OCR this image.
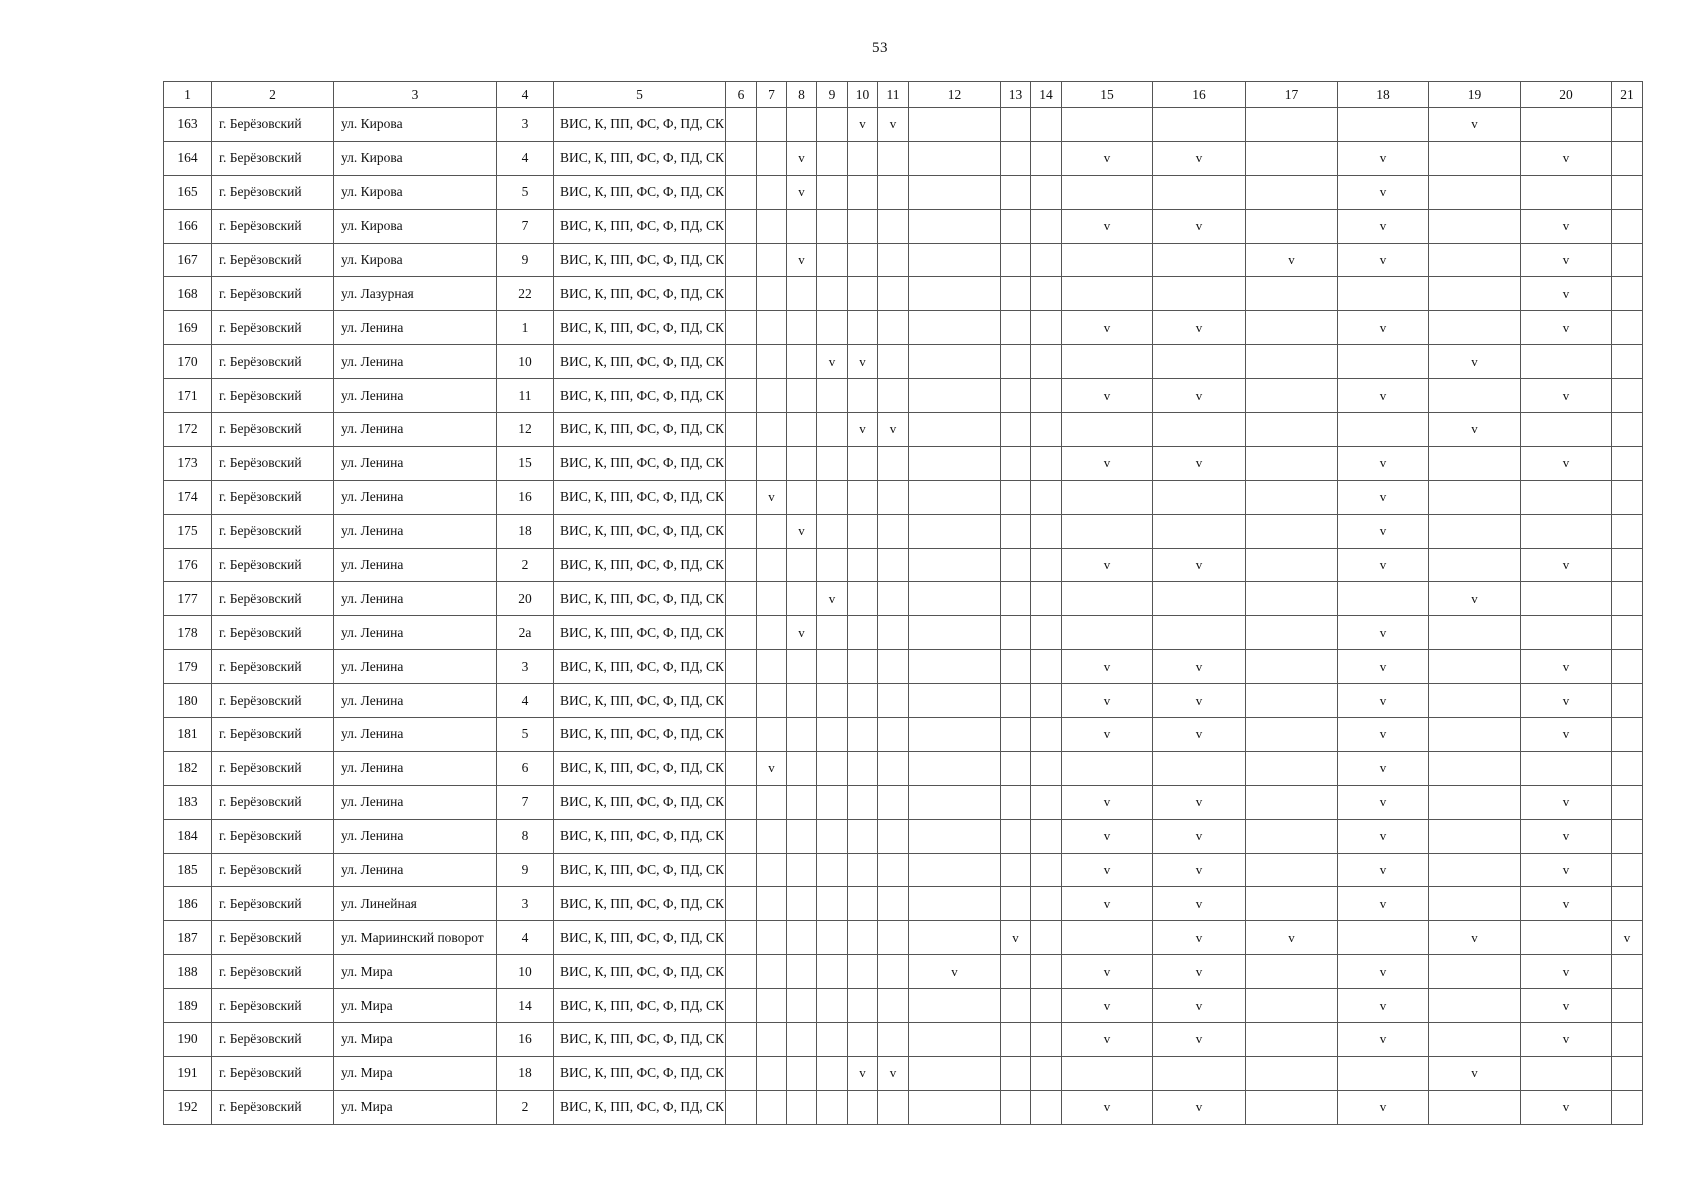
53
1	2	3	4	5	6	7	8	9	10	11	12	13	14	15	16	17	18	19	20	21
163	г. Берёзовский	ул. Кирова	3	ВИС, К, ПП, ФС, Ф, ПД, СК					v	v								v		
164	г. Берёзовский	ул. Кирова	4	ВИС, К, ПП, ФС, Ф, ПД, СК			v							v	v		v		v	
165	г. Берёзовский	ул. Кирова	5	ВИС, К, ПП, ФС, Ф, ПД, СК			v										v			
166	г. Берёзовский	ул. Кирова	7	ВИС, К, ПП, ФС, Ф, ПД, СК										v	v		v		v	
167	г. Берёзовский	ул. Кирова	9	ВИС, К, ПП, ФС, Ф, ПД, СК			v									v	v		v	
168	г. Берёзовский	ул. Лазурная	22	ВИС, К, ПП, ФС, Ф, ПД, СК															v	
169	г. Берёзовский	ул. Ленина	1	ВИС, К, ПП, ФС, Ф, ПД, СК										v	v		v		v	
170	г. Берёзовский	ул. Ленина	10	ВИС, К, ПП, ФС, Ф, ПД, СК				v	v									v		
171	г. Берёзовский	ул. Ленина	11	ВИС, К, ПП, ФС, Ф, ПД, СК										v	v		v		v	
172	г. Берёзовский	ул. Ленина	12	ВИС, К, ПП, ФС, Ф, ПД, СК					v	v								v		
173	г. Берёзовский	ул. Ленина	15	ВИС, К, ПП, ФС, Ф, ПД, СК										v	v		v		v	
174	г. Берёзовский	ул. Ленина	16	ВИС, К, ПП, ФС, Ф, ПД, СК		v											v			
175	г. Берёзовский	ул. Ленина	18	ВИС, К, ПП, ФС, Ф, ПД, СК			v										v			
176	г. Берёзовский	ул. Ленина	2	ВИС, К, ПП, ФС, Ф, ПД, СК										v	v		v		v	
177	г. Берёзовский	ул. Ленина	20	ВИС, К, ПП, ФС, Ф, ПД, СК				v										v		
178	г. Берёзовский	ул. Ленина	2а	ВИС, К, ПП, ФС, Ф, ПД, СК			v										v			
179	г. Берёзовский	ул. Ленина	3	ВИС, К, ПП, ФС, Ф, ПД, СК										v	v		v		v	
180	г. Берёзовский	ул. Ленина	4	ВИС, К, ПП, ФС, Ф, ПД, СК										v	v		v		v	
181	г. Берёзовский	ул. Ленина	5	ВИС, К, ПП, ФС, Ф, ПД, СК										v	v		v		v	
182	г. Берёзовский	ул. Ленина	6	ВИС, К, ПП, ФС, Ф, ПД, СК		v											v			
183	г. Берёзовский	ул. Ленина	7	ВИС, К, ПП, ФС, Ф, ПД, СК										v	v		v		v	
184	г. Берёзовский	ул. Ленина	8	ВИС, К, ПП, ФС, Ф, ПД, СК										v	v		v		v	
185	г. Берёзовский	ул. Ленина	9	ВИС, К, ПП, ФС, Ф, ПД, СК										v	v		v		v	
186	г. Берёзовский	ул. Линейная	3	ВИС, К, ПП, ФС, Ф, ПД, СК										v	v		v		v	
187	г. Берёзовский	ул. Мариинский поворот	4	ВИС, К, ПП, ФС, Ф, ПД, СК								v			v	v		v		v
188	г. Берёзовский	ул. Мира	10	ВИС, К, ПП, ФС, Ф, ПД, СК							v			v	v		v		v	
189	г. Берёзовский	ул. Мира	14	ВИС, К, ПП, ФС, Ф, ПД, СК										v	v		v		v	
190	г. Берёзовский	ул. Мира	16	ВИС, К, ПП, ФС, Ф, ПД, СК										v	v		v		v	
191	г. Берёзовский	ул. Мира	18	ВИС, К, ПП, ФС, Ф, ПД, СК					v	v								v		
192	г. Берёзовский	ул. Мира	2	ВИС, К, ПП, ФС, Ф, ПД, СК										v	v		v		v	
